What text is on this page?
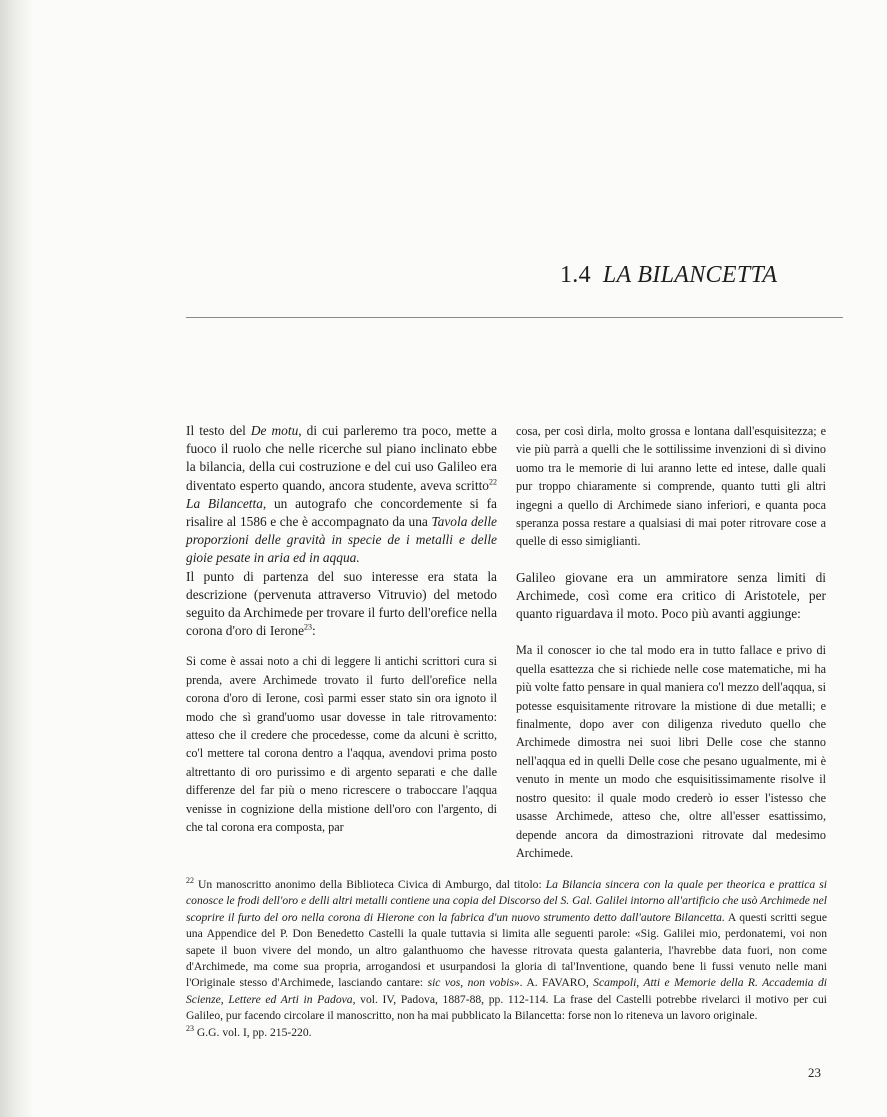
1.4 LA BILANCETTA

Il testo del De motu, di cui parleremo tra poco, mette a fuoco il ruolo che nelle ricerche sul piano inclinato ebbe la bilancia, della cui costruzione e del cui uso Galileo era diventato esperto quando, ancora studente, aveva scritto$^{22}$ La Bilancetta, un autografo che concordemente si fa risalire al 1586 e che è accompagnato da una Tavola delle proporzioni delle gravità in specie de i metalli e delle gioie pesate in aria ed in aqqua.

Il punto di partenza del suo interesse era stata la descrizione (pervenuta attraverso Vitruvio) del metodo seguito da Archimede per trovare il furto dell'orefice nella corona d'oro di Ierone$^{23}$:

Si come è assai noto a chi di leggere li antichi scrittori cura si prenda, avere Archimede trovato il furto dell'orefice nella corona d'oro di Ierone, così parmi esser stato sin ora ignoto il modo che sì grand'uomo usar dovesse in tale ritrovamento: atteso che il credere che procedesse, come da alcuni è scritto, co'l mettere tal corona dentro a l'aqqua, avendovi prima posto altrettanto di oro purissimo e di argento separati e che dalle differenze del far più o meno ricrescere o traboccare l'aqqua venisse in cognizione della mistione dell'oro con l'argento, di che tal corona era composta, par

cosa, per così dirla, molto grossa e lontana dall'esquisitezza; e vie più parrà a quelli che le sottilissime invenzioni di sì divino uomo tra le memorie di lui aranno lette ed intese, dalle quali pur troppo chiaramente si comprende, quanto tutti gli altri ingegni a quello di Archimede siano inferiori, e quanta poca speranza possa restare a qualsiasi di mai poter ritrovare cose a quelle di esso simiglianti.

Galileo giovane era un ammiratore senza limiti di Archimede, così come era critico di Aristotele, per quanto riguardava il moto. Poco più avanti aggiunge:

Ma il conoscer io che tal modo era in tutto fallace e privo di quella esattezza che si richiede nelle cose matematiche, mi ha più volte fatto pensare in qual maniera co'l mezzo dell'aqqua, si potesse esquisitamente ritrovare la mistione di due metalli; e finalmente, dopo aver con diligenza riveduto quello che Archimede dimostra nei suoi libri Delle cose che stanno nell'aqqua ed in quelli Delle cose che pesano ugualmente, mi è venuto in mente un modo che esquisitissimamente risolve il nostro quesito: il quale modo crederò io esser l'istesso che usasse Archimede, atteso che, oltre all'esser esattissimo, depende ancora da dimostrazioni ritrovate dal medesimo Archimede.

$^{22}$ Un manoscritto anonimo della Biblioteca Civica di Amburgo, dal titolo: La Bilancia sincera con la quale per theorica e prattica si conosce le frodi dell'oro e delli altri metalli contiene una copia del Discorso del S. Gal. Galilei intorno all'artificio che usò Archimede nel scoprire il furto del oro nella corona di Hierone con la fabrica d'un nuovo strumento detto dall'autore Bilancetta. A questi scritti segue una Appendice del P. Don Benedetto Castelli la quale tuttavia si limita alle seguenti parole: «Sig. Galilei mio, perdonatemi, voi non sapete il buon vivere del mondo, un altro galanthuomo che havesse ritrovata questa galanteria, l'havrebbe data fuori, non come d'Archimede, ma come sua propria, arrogandosi et usurpandosi la gloria di tal'Inventione, quando bene li fussi venuto nelle mani l'Originale stesso d'Archimede, lasciando cantare: sic vos, non vobis». A. FAVARO, Scampoli, Atti e Memorie della R. Accademia di Scienze, Lettere ed Arti in Padova, vol. IV, Padova, 1887-88, pp. 112-114. La frase del Castelli potrebbe rivelarci il motivo per cui Galileo, pur facendo circolare il manoscritto, non ha mai pubblicato la Bilancetta: forse non lo riteneva un lavoro originale.

$^{23}$ G.G. vol. I, pp. 215-220.

23
